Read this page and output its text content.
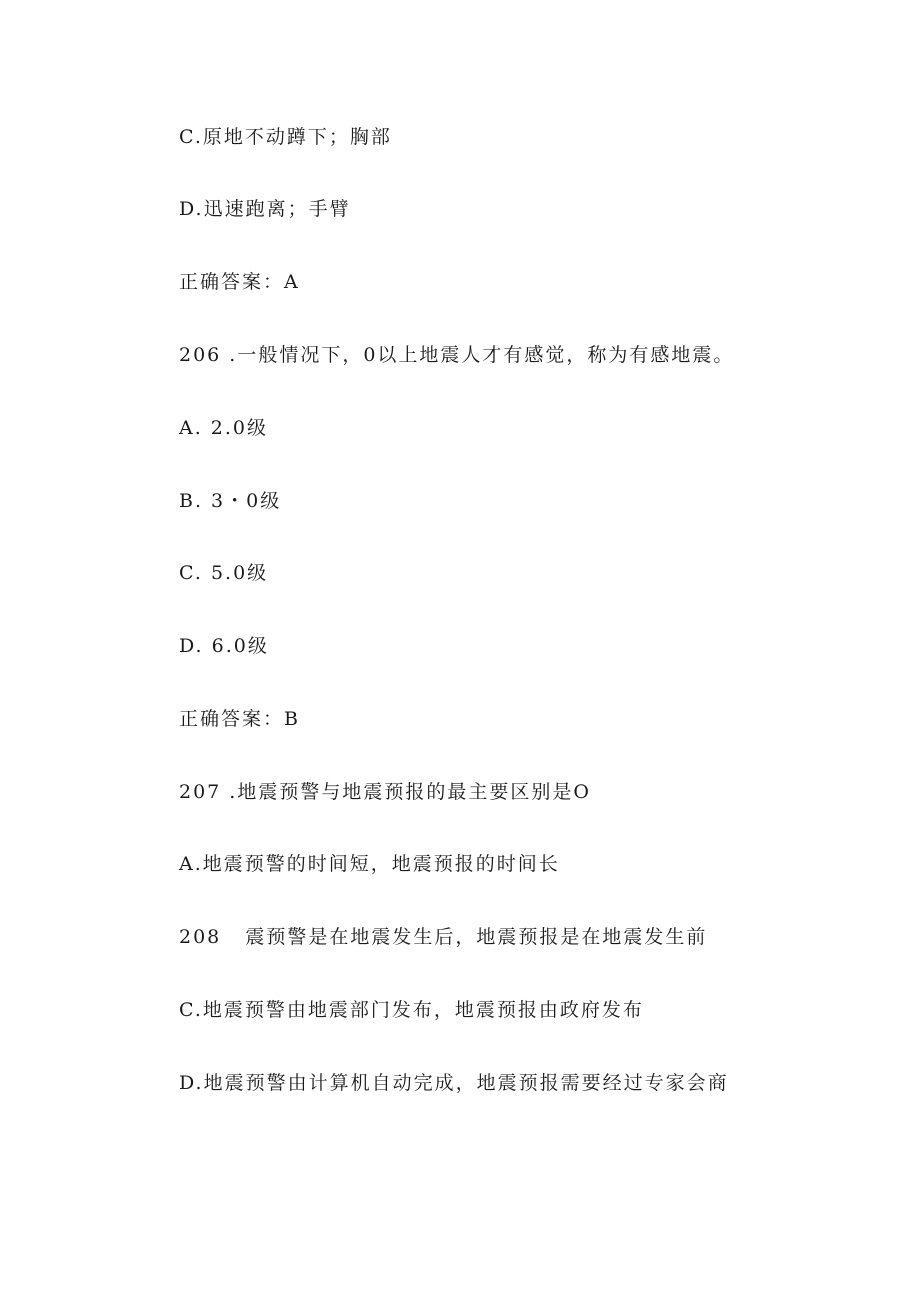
C.原地不动蹲下；胸部
D.迅速跑离；手臂
正确答案：A
206 .一般情况下，0以上地震人才有感觉，称为有感地震。
A. 2.0级
B. 3・0级
C. 5.0级
D. 6.0级
正确答案：B
207 .地震预警与地震预报的最主要区别是O
A.地震预警的时间短，地震预报的时间长
208   震预警是在地震发生后，地震预报是在地震发生前
C.地震预警由地震部门发布，地震预报由政府发布
D.地震预警由计算机自动完成，地震预报需要经过专家会商
